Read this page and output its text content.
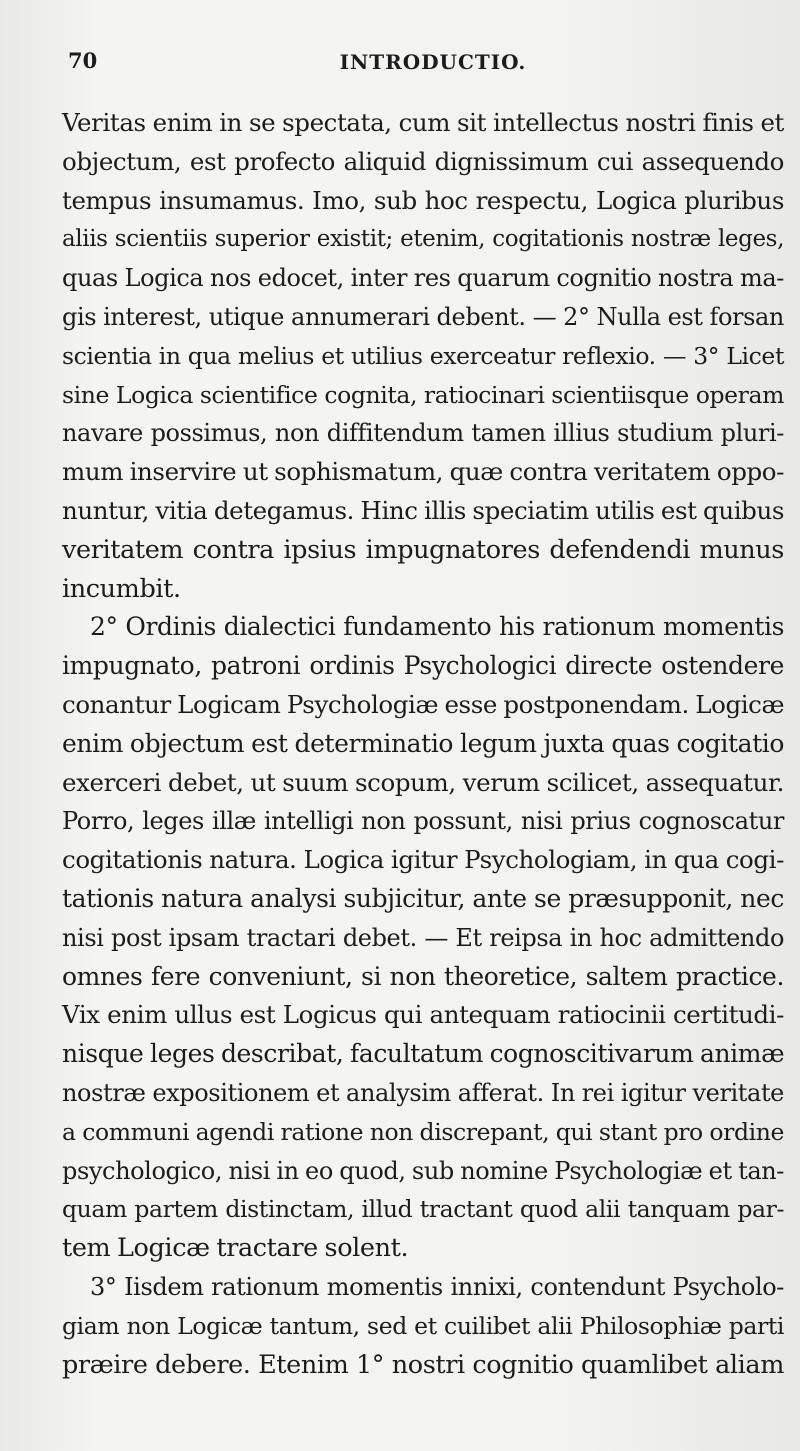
70	INTRODUCTIO.
Veritas enim in se spectata, cum sit intellectus nostri finis et
objectum, est profecto aliquid dignissimum cui assequendo
tempus insumamus. Imo, sub hoc respectu, Logica pluribus
aliis scientiis superior existit; etenim, cogitationis nostræ leges,
quas Logica nos edocet, inter res quarum cognitio nostra ma-
gis interest, utique annumerari debent. — 2° Nulla est forsan
scientia in qua melius et utilius exerceatur reflexio. — 3° Licet
sine Logica scientifice cognita, ratiocinari scientiisque operam
navare possimus, non diffitendum tamen illius studium pluri-
mum inservire ut sophismatum, quæ contra veritatem oppo-
nuntur, vitia detegamus. Hinc illis speciatim utilis est quibus
veritatem contra ipsius impugnatores defendendi munus
incumbit.
2° Ordinis dialectici fundamento his rationum momentis
impugnato, patroni ordinis Psychologici directe ostendere
conantur Logicam Psychologiæ esse postponendam. Logicæ
enim objectum est determinatio legum juxta quas cogitatio
exerceri debet, ut suum scopum, verum scilicet, assequatur.
Porro, leges illæ intelligi non possunt, nisi prius cognoscatur
cogitationis natura. Logica igitur Psychologiam, in qua cogi-
tationis natura analysi subjicitur, ante se præsupponit, nec
nisi post ipsam tractari debet. — Et reipsa in hoc admittendo
omnes fere conveniunt, si non theoretice, saltem practice.
Vix enim ullus est Logicus qui antequam ratiocinii certitudi-
nisque leges describat, facultatum cognoscitivarum animæ
nostræ expositionem et analysim afferat. In rei igitur veritate
a communi agendi ratione non discrepant, qui stant pro ordine
psychologico, nisi in eo quod, sub nomine Psychologiæ et tan-
quam partem distinctam, illud tractant quod alii tanquam par-
tem Logicæ tractare solent.
3° Iisdem rationum momentis innixi, contendunt Psycholo-
giam non Logicæ tantum, sed et cuilibet alii Philosophiæ parti
præire debere. Etenim 1° nostri cognitio quamlibet aliam
